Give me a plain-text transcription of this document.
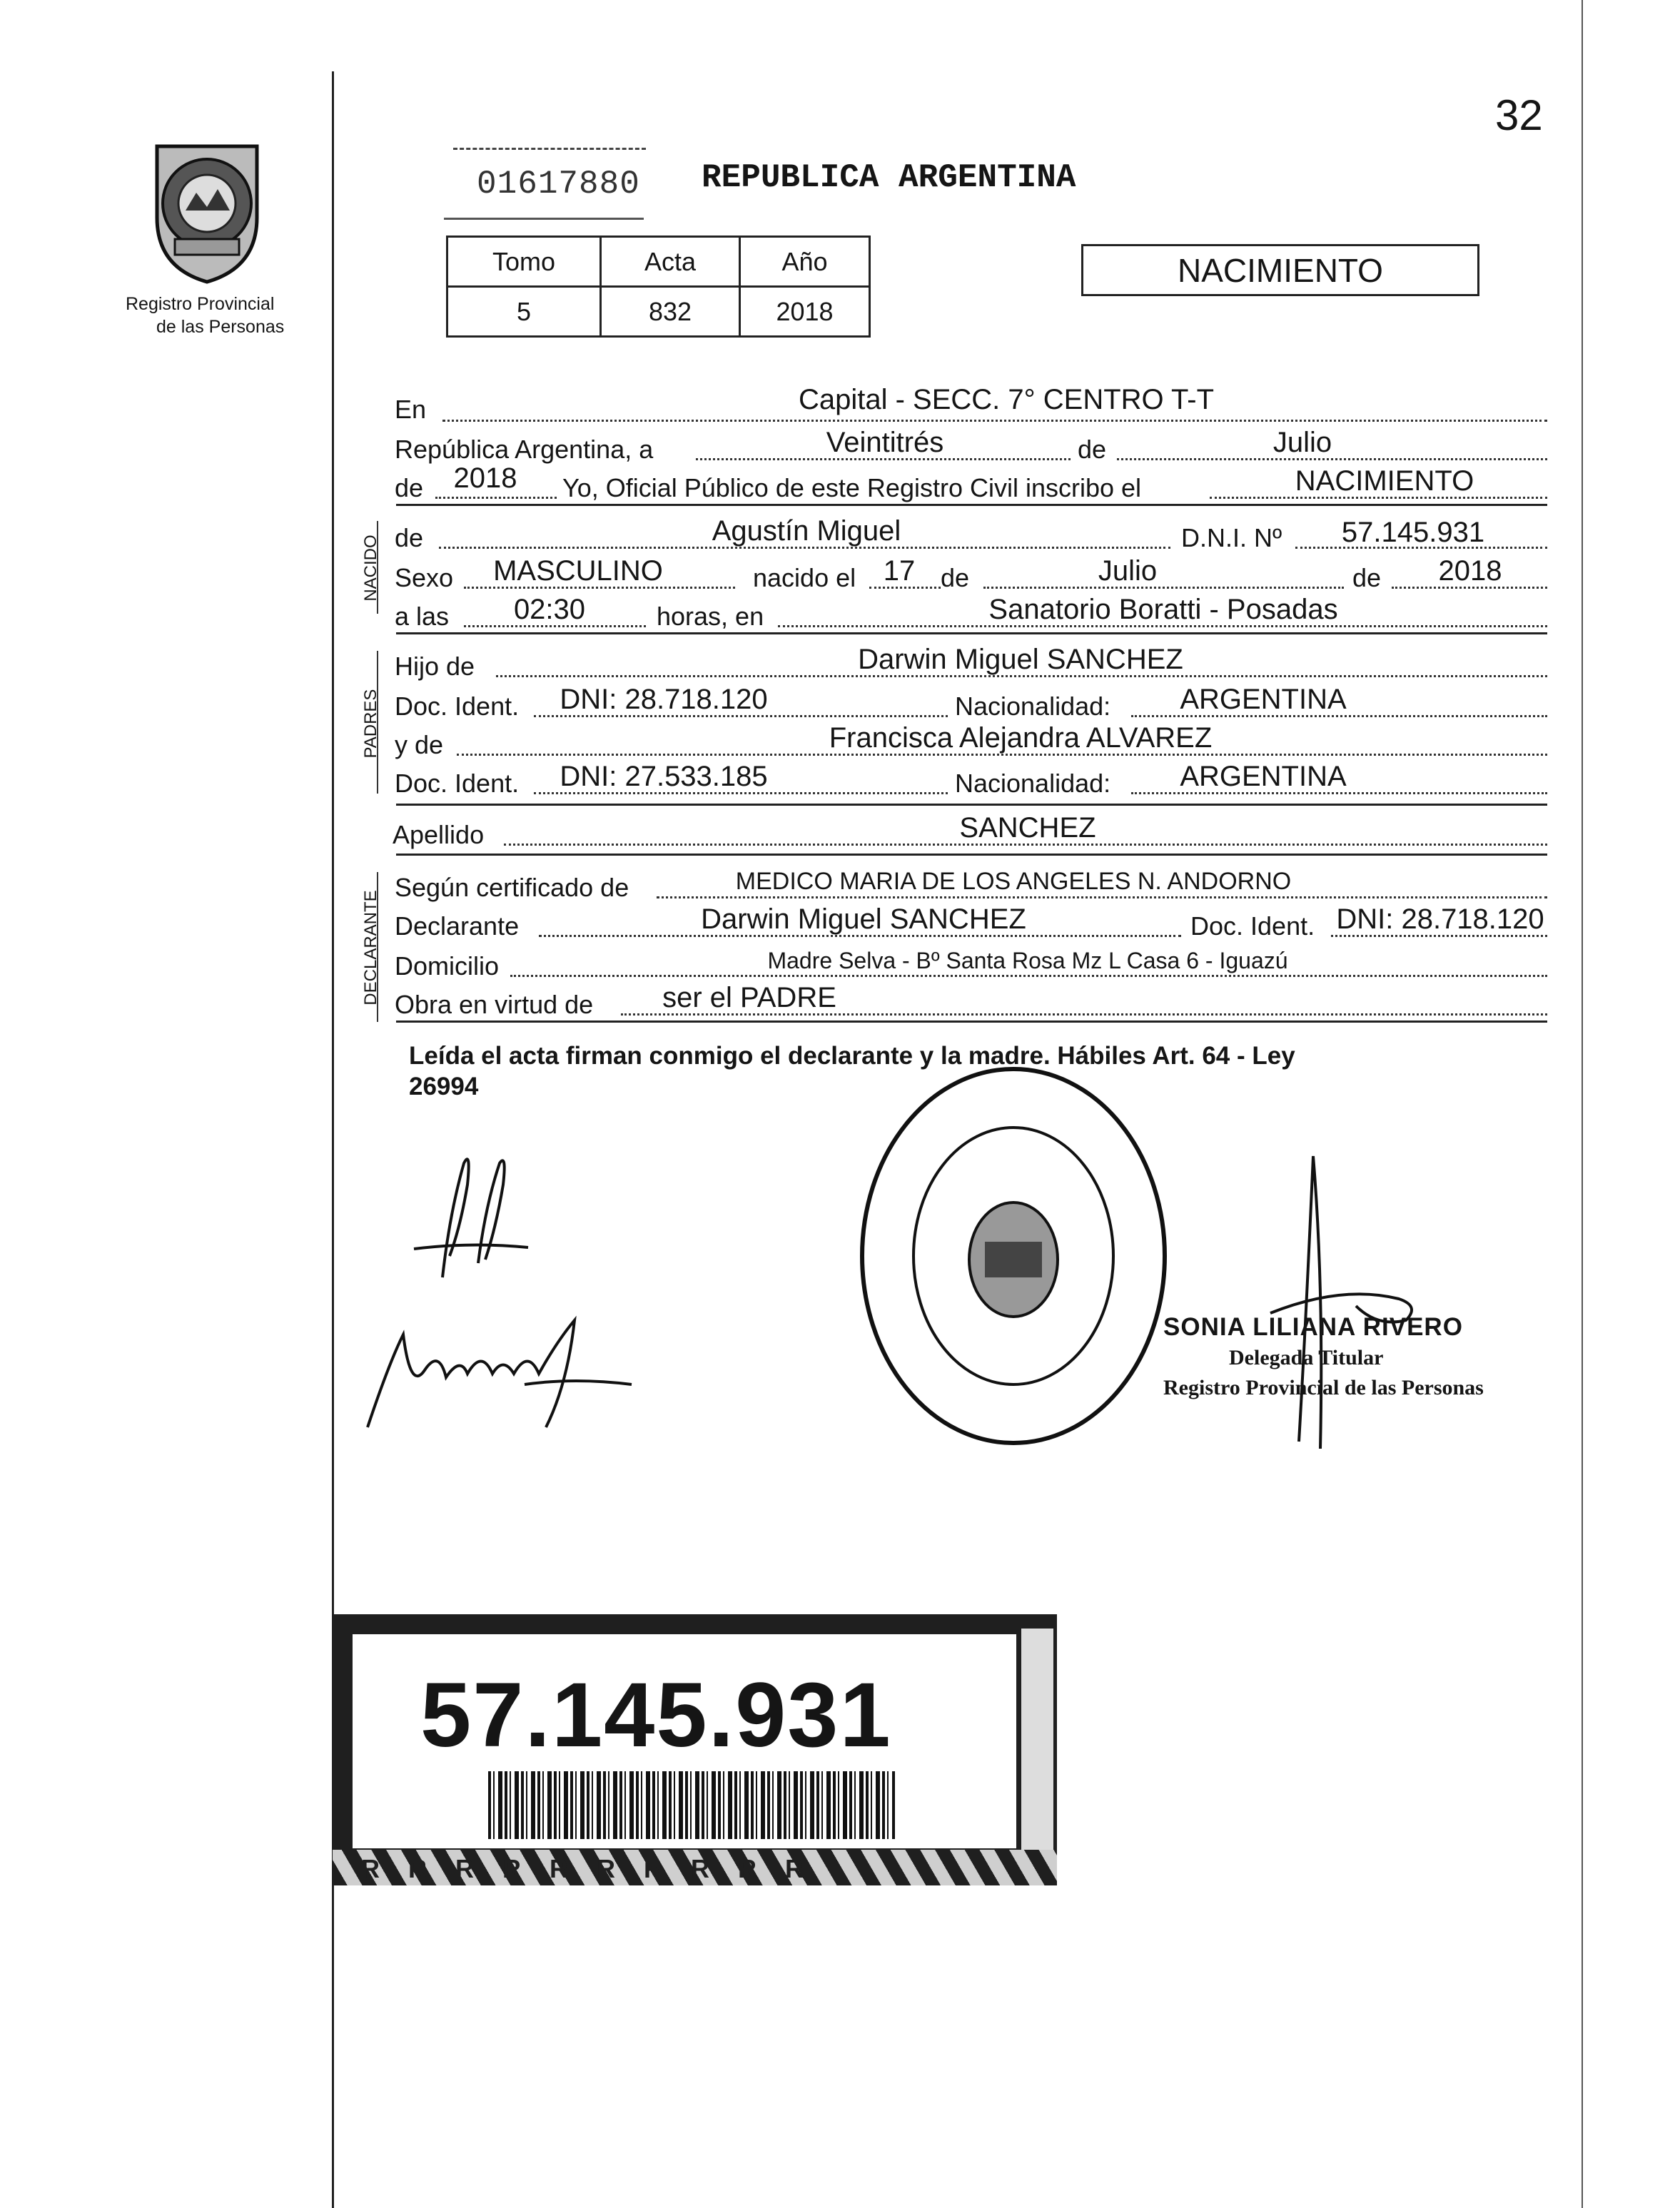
32
Registro Provincial
de las Personas
01617880 REPUBLICA ARGENTINA
Tomo	Acta	Año
5	832	2018
NACIMIENTO
En	Capital - SECC. 7° CENTRO T-T
República Argentina, a	Veintitrés	de	Julio
de	2018	Yo, Oficial Público de este Registro Civil inscribo el	NACIMIENTO
NACIDO de	Agustín Miguel	D.N.I. Nº	57.145.931
Sexo	MASCULINO	nacido el 17 de	Julio	de	2018
a las	02:30	horas, en	Sanatorio Boratti - Posadas
PADRES
Hijo de	Darwin Miguel SANCHEZ
Doc. Ident.	DNI: 28.718.120	Nacionalidad:	ARGENTINA
y de	Francisca Alejandra ALVAREZ
Doc. Ident.	DNI: 27.533.185	Nacionalidad:	ARGENTINA
Apellido	SANCHEZ
DECLARANTE
Según certificado de	MEDICO MARIA DE LOS ANGELES N. ANDORNO
Declarante	Darwin Miguel SANCHEZ	Doc. Ident. DNI: 28.718.120
Domicilio	Madre Selva - Bº Santa Rosa Mz L Casa 6 - Iguazú
Obra en virtud de ser el PADRE
Leída el acta firman conmigo el declarante y la madre. Hábiles Art. 64 - Ley
26994
SONIA LILIANA RIVERO
Delegada Titular
Registro Provincial de las Personas
RRRRRRRRRR
57.145.931
